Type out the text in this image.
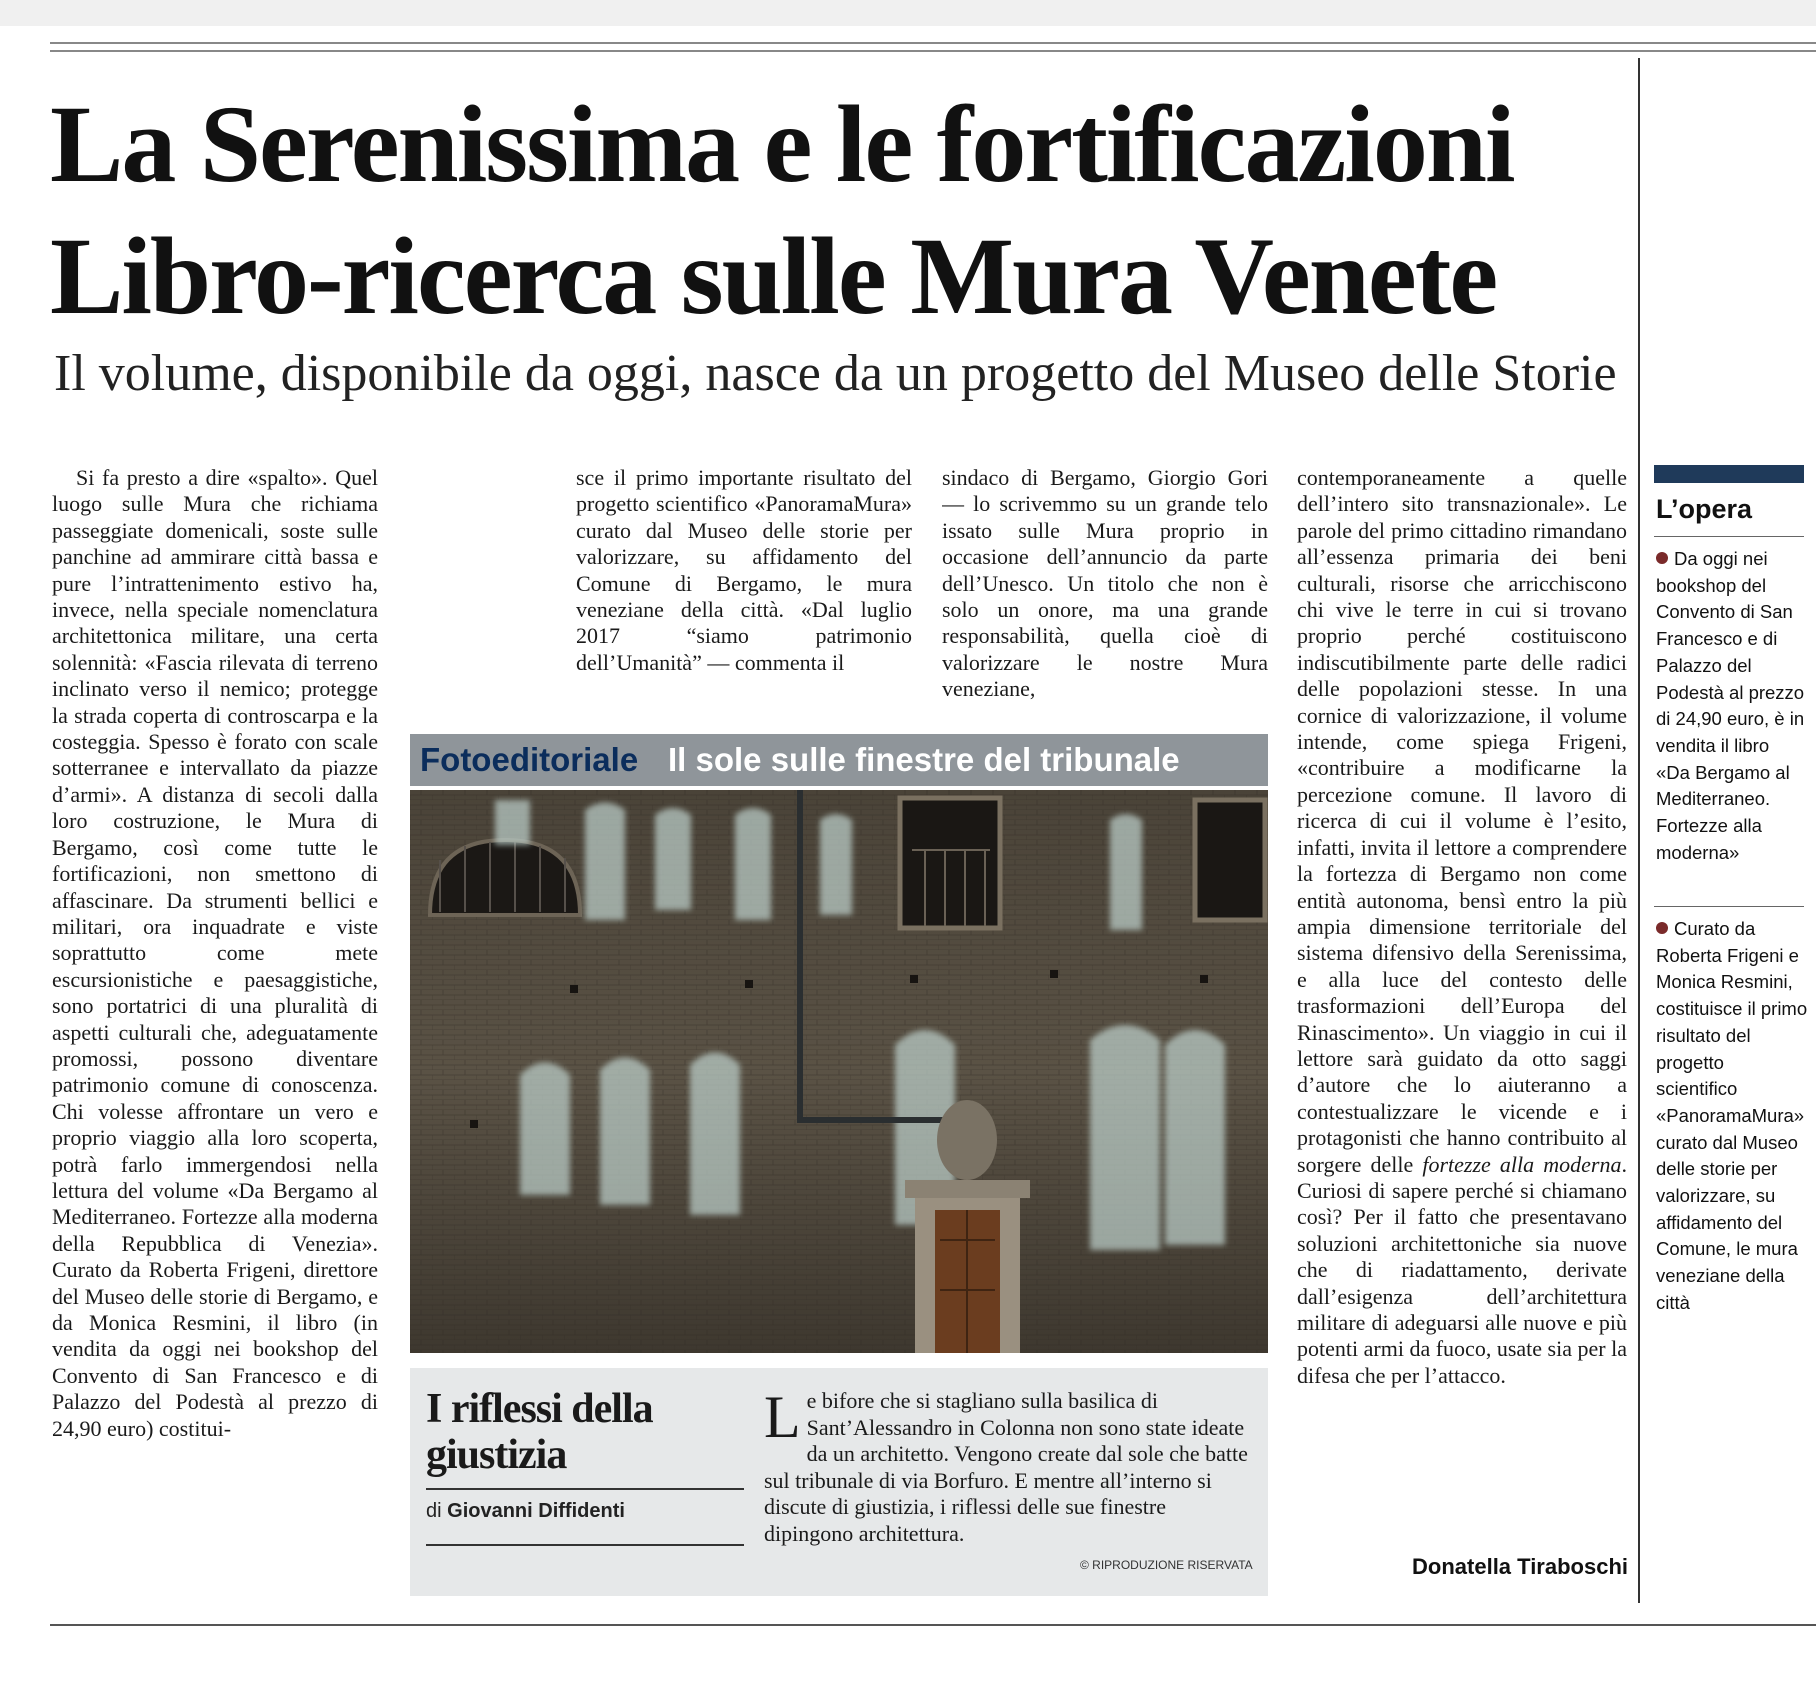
La Serenissima e le fortificazioni
Libro-ricerca sulle Mura Venete

Il volume, disponibile da oggi, nasce da un progetto del Museo delle Storie

Si fa presto a dire «spalto». Quel luogo sulle Mura che richiama passeggiate domenicali, soste sulle panchine ad ammirare città bassa e pure l’intrattenimento estivo ha, invece, nella speciale nomenclatura architettonica militare, una certa solennità: «Fascia rilevata di terreno inclinato verso il nemico; protegge la strada coperta di controscarpa e la costeggia. Spesso è forato con scale sotterranee e intervallato da piazze d’armi». A distanza di secoli dalla loro costruzione, le Mura di Bergamo, così come tutte le fortificazioni, non smettono di affascinare. Da strumenti bellici e militari, ora inquadrate e viste soprattutto come mete escursionistiche e paesaggistiche, sono portatrici di una pluralità di aspetti culturali che, adeguatamente promossi, possono diventare patrimonio comune di conoscenza. Chi volesse affrontare un vero e proprio viaggio alla loro scoperta, potrà farlo immergendosi nella lettura del volume «Da Bergamo al Mediterraneo. Fortezze alla moderna della Repubblica di Venezia». Curato da Roberta Frigeni, direttore del Museo delle storie di Bergamo, e da Monica Resmini, il libro (in vendita da oggi nei bookshop del Convento di San Francesco e di Palazzo del Podestà al prezzo di 24,90 euro) costitui-

sce il primo importante risultato del progetto scientifico «PanoramaMura» curato dal Museo delle storie per valorizzare, su affidamento del Comune di Bergamo, le mura veneziane della città. «Dal luglio 2017 “siamo patrimonio dell’Umanità” — commenta il

sindaco di Bergamo, Giorgio Gori — lo scrivemmo su un grande telo issato sulle Mura proprio in occasione dell’annuncio da parte dell’Unesco. Un titolo che non è solo un onore, ma una grande responsabilità, quella cioè di valorizzare le nostre Mura veneziane,

contemporaneamente a quelle dell’intero sito transnazionale». Le parole del primo cittadino rimandano all’essenza primaria dei beni culturali, risorse che arricchiscono chi vive le terre in cui si trovano proprio perché costituiscono indiscutibilmente parte delle radici delle popolazioni stesse. In una cornice di valorizzazione, il volume intende, come spiega Frigeni, «contribuire a modificarne la percezione comune. Il lavoro di ricerca di cui il volume è l’esito, infatti, invita il lettore a comprendere la fortezza di Bergamo non come entità autonoma, bensì entro la più ampia dimensione territoriale del sistema difensivo della Serenissima, e alla luce del contesto delle trasformazioni dell’Europa del Rinascimento». Un viaggio in cui il lettore sarà guidato da otto saggi d’autore che lo aiuteranno a contestualizzare le vicende e i protagonisti che hanno contribuito al sorgere delle fortezze alla moderna. Curiosi di sapere perché si chiamano così? Per il fatto che presentavano soluzioni architettoniche sia nuove che di riadattamento, derivate dall’esigenza dell’architettura militare di adeguarsi alle nuove e più potenti armi da fuoco, usate sia per la difesa che per l’attacco.

Donatella Tiraboschi
Fotoeditoriale Il sole sulle finestre del tribunale
I riflessi della giustizia
di Giovanni Diffidenti

Le bifore che si stagliano sulla basilica di Sant’Alessandro in Colonna non sono state ideate da un architetto. Vengono create dal sole che batte sul tribunale di via Borfuro. E mentre all’interno si discute di giustizia, i riflessi delle sue finestre dipingono architettura.

© RIPRODUZIONE RISERVATA
L’opera

Da oggi nei bookshop del Convento di San Francesco e di Palazzo del Podestà al prezzo di 24,90 euro, è in vendita il libro «Da Bergamo al Mediterraneo. Fortezze alla moderna»

Curato da Roberta Frigeni e Monica Resmini, costituisce il primo risultato del progetto scientifico «PanoramaMura» curato dal Museo delle storie per valorizzare, su affidamento del Comune, le mura veneziane della città
